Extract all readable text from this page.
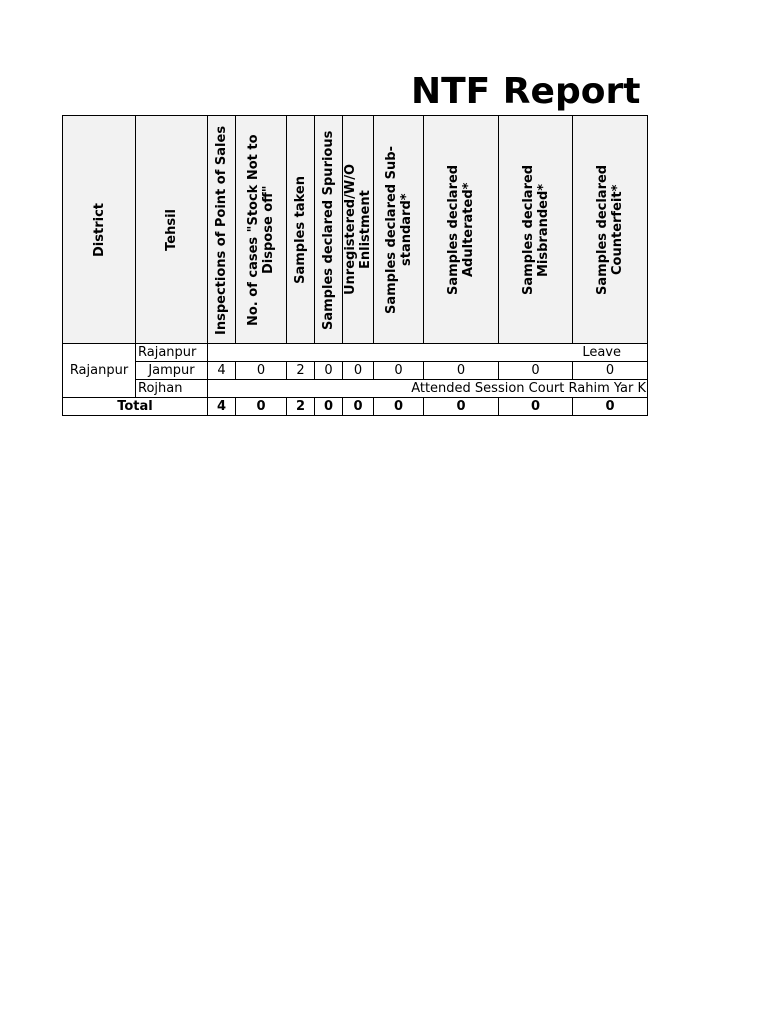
NTF Report
District	Tehsil	Inspections of Point of Sales	No. of cases "Stock Not to Dispose off"	Samples taken	Samples declared Spurious	Unregistered/W/O Enlistment	Samples declared Sub-standard*	Samples declared Adulterated*	Samples declared Misbranded*	Samples declared Counterfeit*

Rajanpur	Rajanpur	Leave								
	Jampur	4	0	2	0	0	0	0	0	0
	Rojhan	Attended Session Court Rahim Yar K								
Total		4	0	2	0	0	0	0	0	0
